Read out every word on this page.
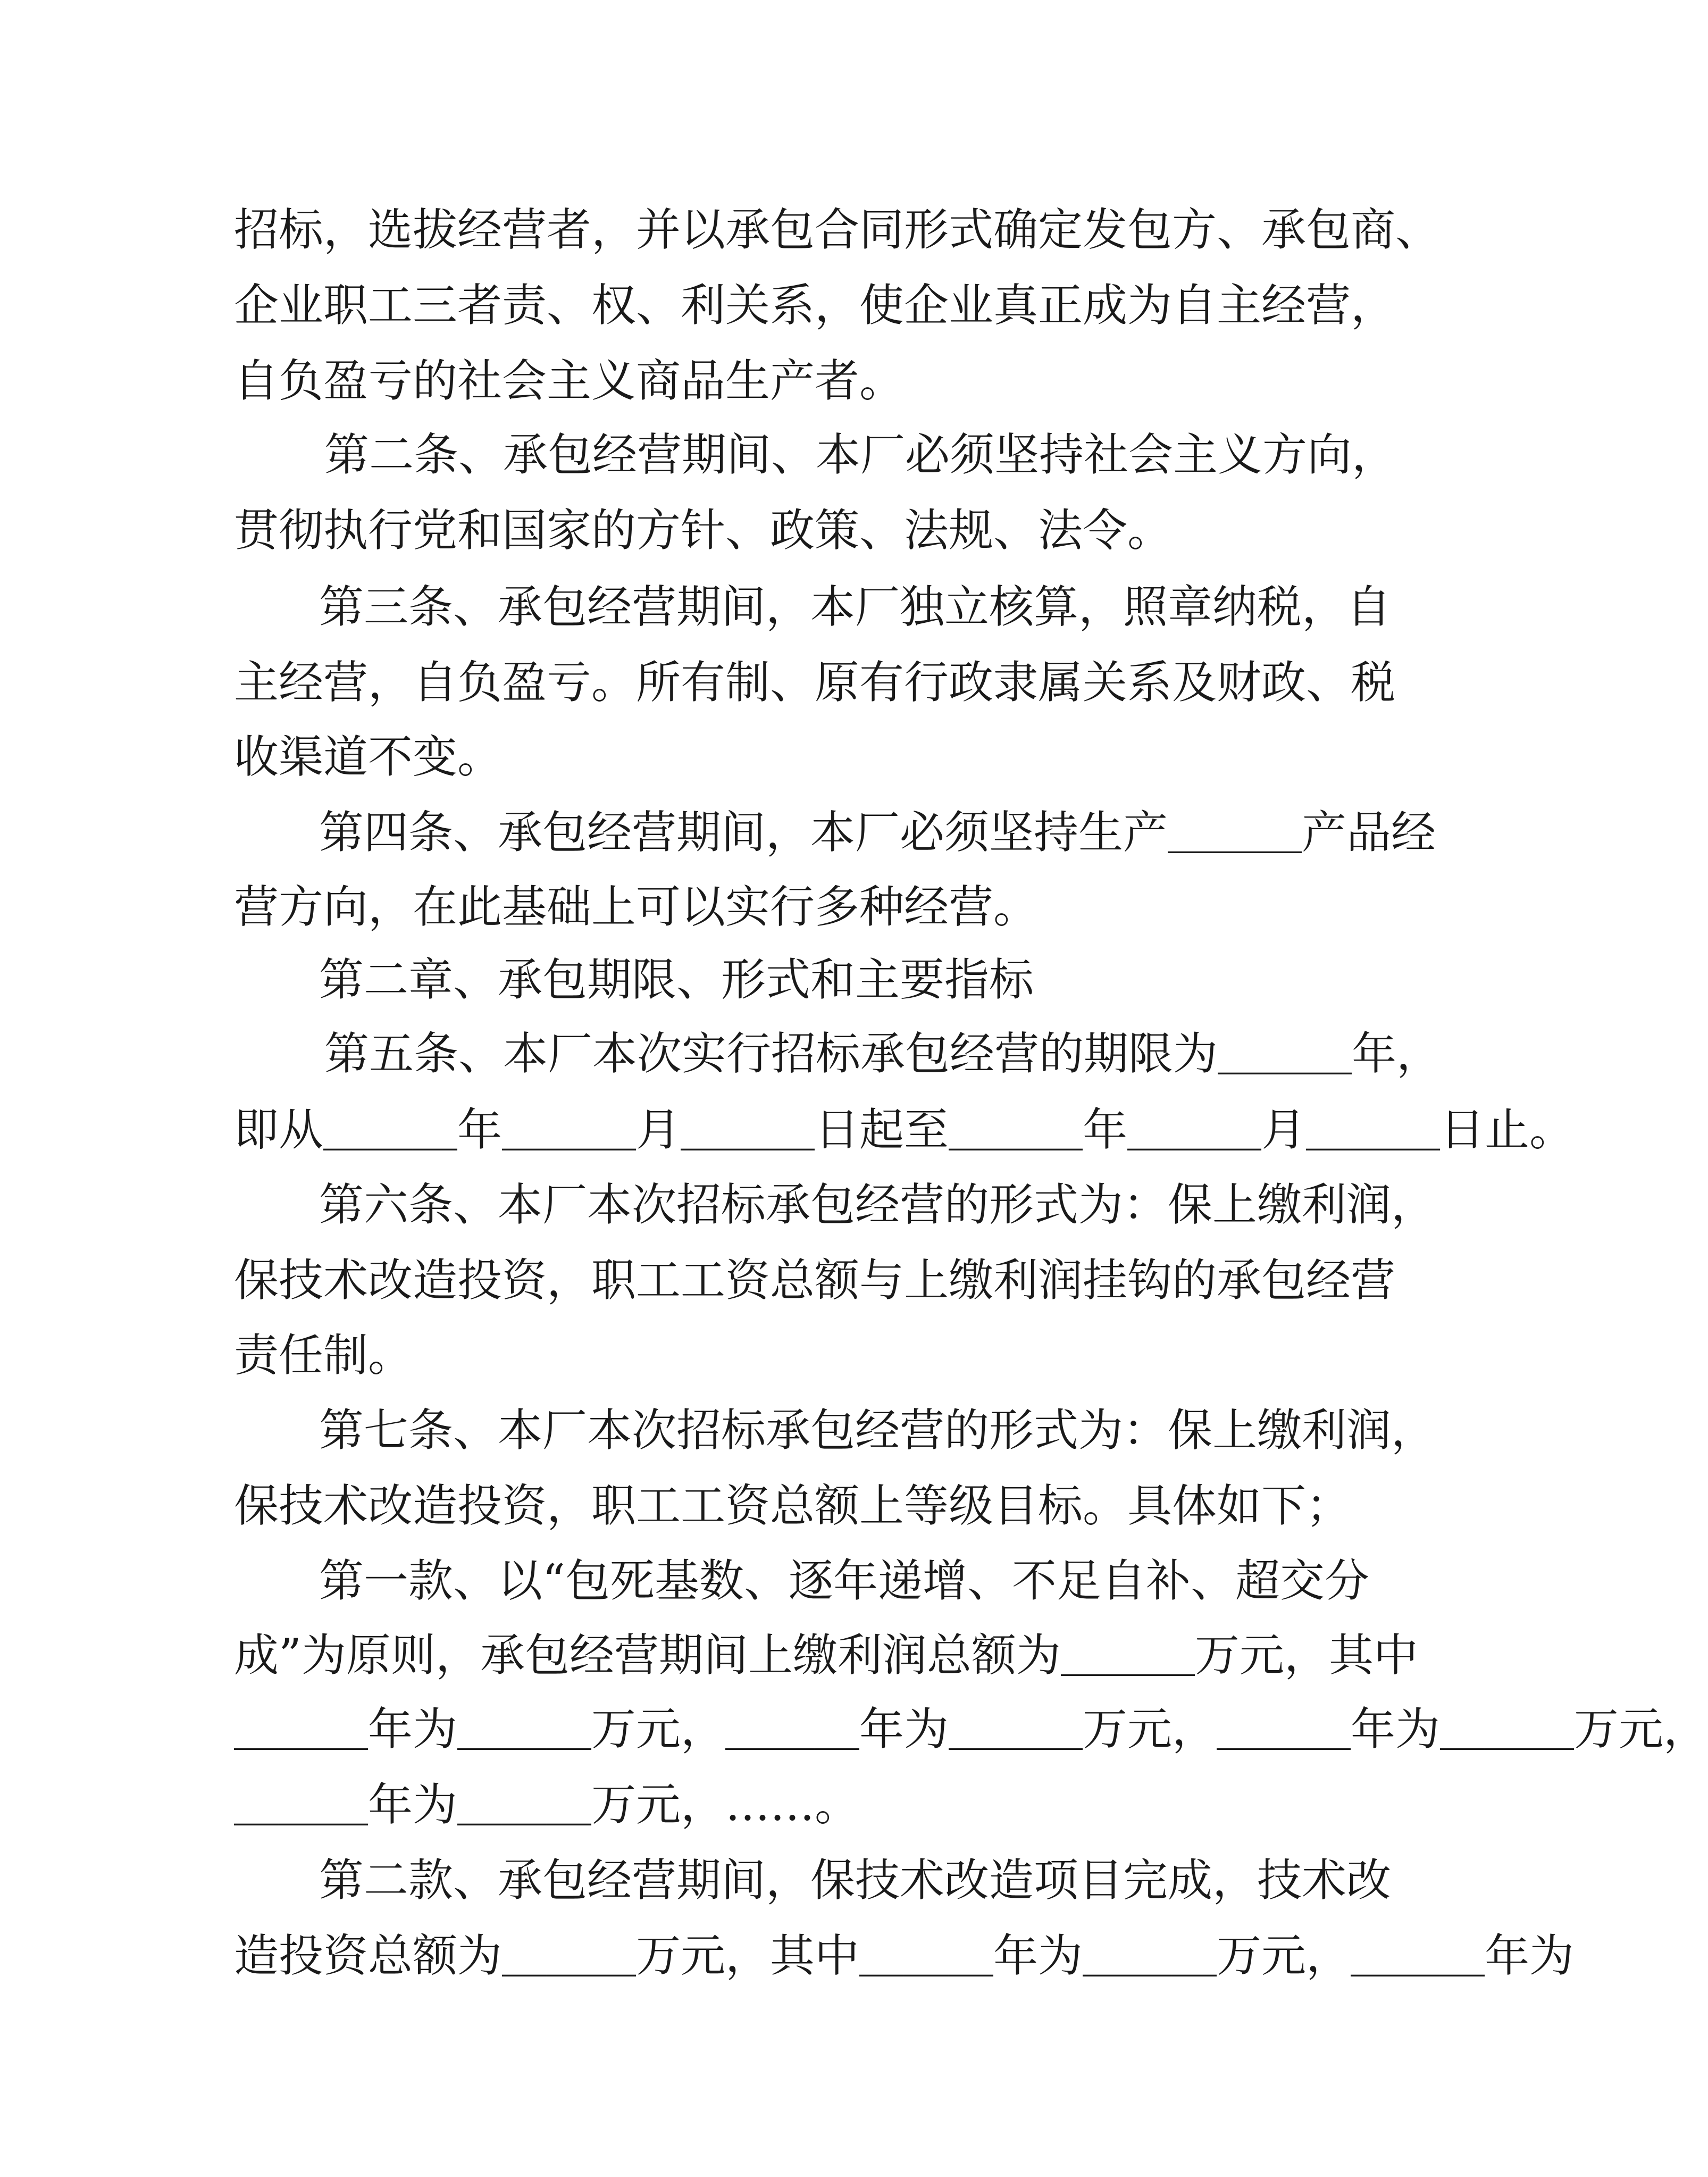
招标，选拔经营者，并以承包合同形式确定发包方、承包商、
企业职工三者责、权、利关系，使企业真正成为自主经营，
自负盈亏的社会主义商品生产者。
第二条、承包经营期间、本厂必须坚持社会主义方向，
贯彻执行党和国家的方针、政策、法规、法令。
第三条、承包经营期间，本厂独立核算，照章纳税，自
主经营，自负盈亏。所有制、原有行政隶属关系及财政、税
收渠道不变。
第四条、承包经营期间，本厂必须坚持生产＿＿＿产品经
营方向，在此基础上可以实行多种经营。
第二章、承包期限、形式和主要指标
第五条、本厂本次实行招标承包经营的期限为＿＿＿年，
即从＿＿＿年＿＿＿月＿＿＿日起至＿＿＿年＿＿＿月＿＿＿日止。
第六条、本厂本次招标承包经营的形式为：保上缴利润，
保技术改造投资，职工工资总额与上缴利润挂钩的承包经营
责任制。
第七条、本厂本次招标承包经营的形式为：保上缴利润，
保技术改造投资，职工工资总额上等级目标。具体如下；
第一款、以“包死基数、逐年递增、不足自补、超交分
成”为原则，承包经营期间上缴利润总额为＿＿＿万元，其中
＿＿＿年为＿＿＿万元，＿＿＿年为＿＿＿万元，＿＿＿年为＿＿＿万元，
＿＿＿年为＿＿＿万元，……。
第二款、承包经营期间，保技术改造项目完成，技术改
造投资总额为＿＿＿万元，其中＿＿＿年为＿＿＿万元，＿＿＿年为
